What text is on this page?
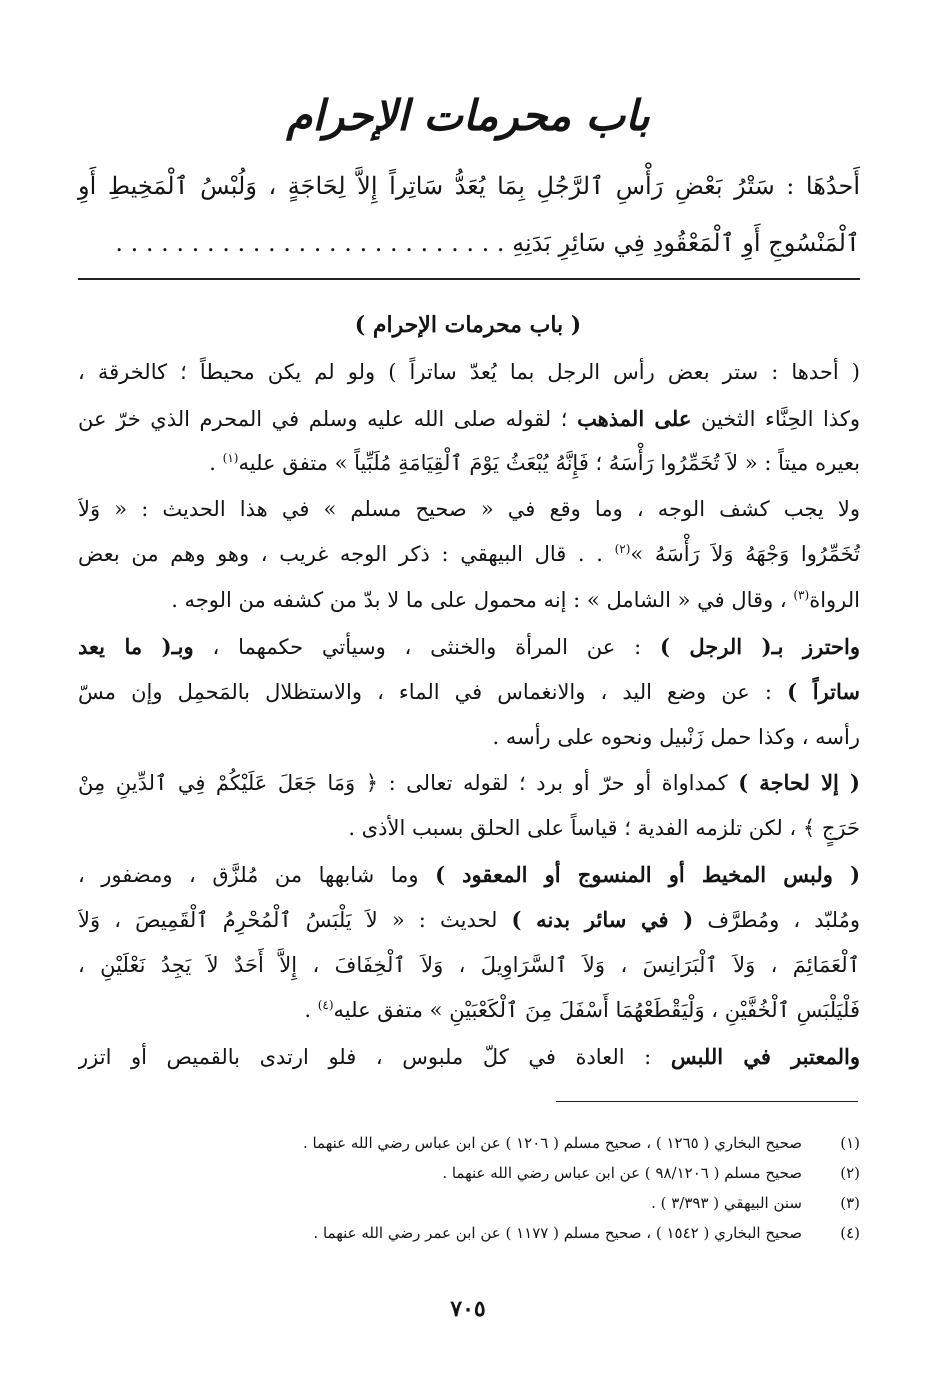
باب محرمات الإحرام
أَحدُهَا : سَتْرُ بَعْضِ رَأْسِ ٱلرَّجُلِ بِمَا يُعَدُّ سَاتِراً إِلاَّ لِحَاجَةٍ ، وَلُبْسُ ٱلْمَخِيطِ أَوِ
ٱلْمَنْسُوجِ أَوِ ٱلْمَعْقُودِ فِي سَائِرِ بَدَنِهِ . . . . . . . . . . . . . . . . . . . . . . . . . .
( باب محرمات الإحرام )
( أحدها : ستر بعض رأس الرجل بما يُعدّ ساتراً ) ولو لم يكن محيطاً ؛ كالخرقة ،
وكذا الحِنَّاء الثخين على المذهب ؛ لقوله صلى الله عليه وسلم في المحرم الذي خرّ عن
بعيره ميتاً : « لاَ تُخَمِّرُوا رَأْسَهُ ؛ فَإِنَّهُ يُبْعَثُ يَوْمَ ٱلْقِيَامَةِ مُلَبِّياً » متفق عليه$^{(١)}$ .
ولا يجب كشف الوجه ، وما وقع في « صحيح مسلم » في هذا الحديث : « وَلاَ
تُخَمِّرُوا وَجْهَهُ وَلاَ رَأْسَهُ »$^{(٢)}$ . . قال البيهقي : ذكر الوجه غريب ، وهو وهم من بعض
الرواة$^{(٣)}$ ، وقال في « الشامل » : إنه محمول على ما لا بدّ من كشفه من الوجه .
واحترز بـ( الرجل ) : عن المرأة والخنثى ، وسيأتي حكمهما ، وبـ( ما يعد
ساتراً ) : عن وضع اليد ، والانغماس في الماء ، والاستظلال بالمَحمِل وإن مسّ
رأسه ، وكذا حمل زَنْبيل ونحوه على رأسه .
( إلا لحاجة ) كمداواة أو حرّ أو برد ؛ لقوله تعالى : ﴿ وَمَا جَعَلَ عَلَيْكُمْ فِي ٱلدِّينِ مِنْ
حَرَجٍ ﴾ ، لكن تلزمه الفدية ؛ قياساً على الحلق بسبب الأذى .
( ولبس المخيط أو المنسوج أو المعقود ) وما شابهها من مُلزَّق ، ومضفور ،
ومُلبّد ، ومُطرَّف ( في سائر بدنه ) لحديث : « لاَ يَلْبَسُ ٱلْمُحْرِمُ ٱلْقَمِيصَ ، وَلاَ
ٱلْعَمَائِمَ ، وَلاَ ٱلْبَرَانِسَ ، وَلاَ ٱلسَّرَاوِيلَ ، وَلاَ ٱلْخِفَافَ ، إِلاَّ أَحَدٌ لاَ يَجِدُ نَعْلَيْنِ ،
فَلْيَلْبَسِ ٱلْخُفَّيْنِ ، وَلْيَقْطَعْهُمَا أَسْفَلَ مِنَ ٱلْكَعْبَيْنِ » متفق عليه$^{(٤)}$ .
والمعتبر في اللبس : العادة في كلّ ملبوس ، فلو ارتدى بالقميص أو اتزر
(١)صحيح البخاري ( ١٢٦٥ ) ، صحيح مسلم ( ١٢٠٦ ) عن ابن عباس رضي الله عنهما .
(٢)صحيح مسلم ( ٩٨/١٢٠٦ ) عن ابن عباس رضي الله عنهما .
(٣)سنن البيهقي ( ٣/٣٩٣ ) .
(٤)صحيح البخاري ( ١٥٤٢ ) ، صحيح مسلم ( ١١٧٧ ) عن ابن عمر رضي الله عنهما .
٧٠٥
